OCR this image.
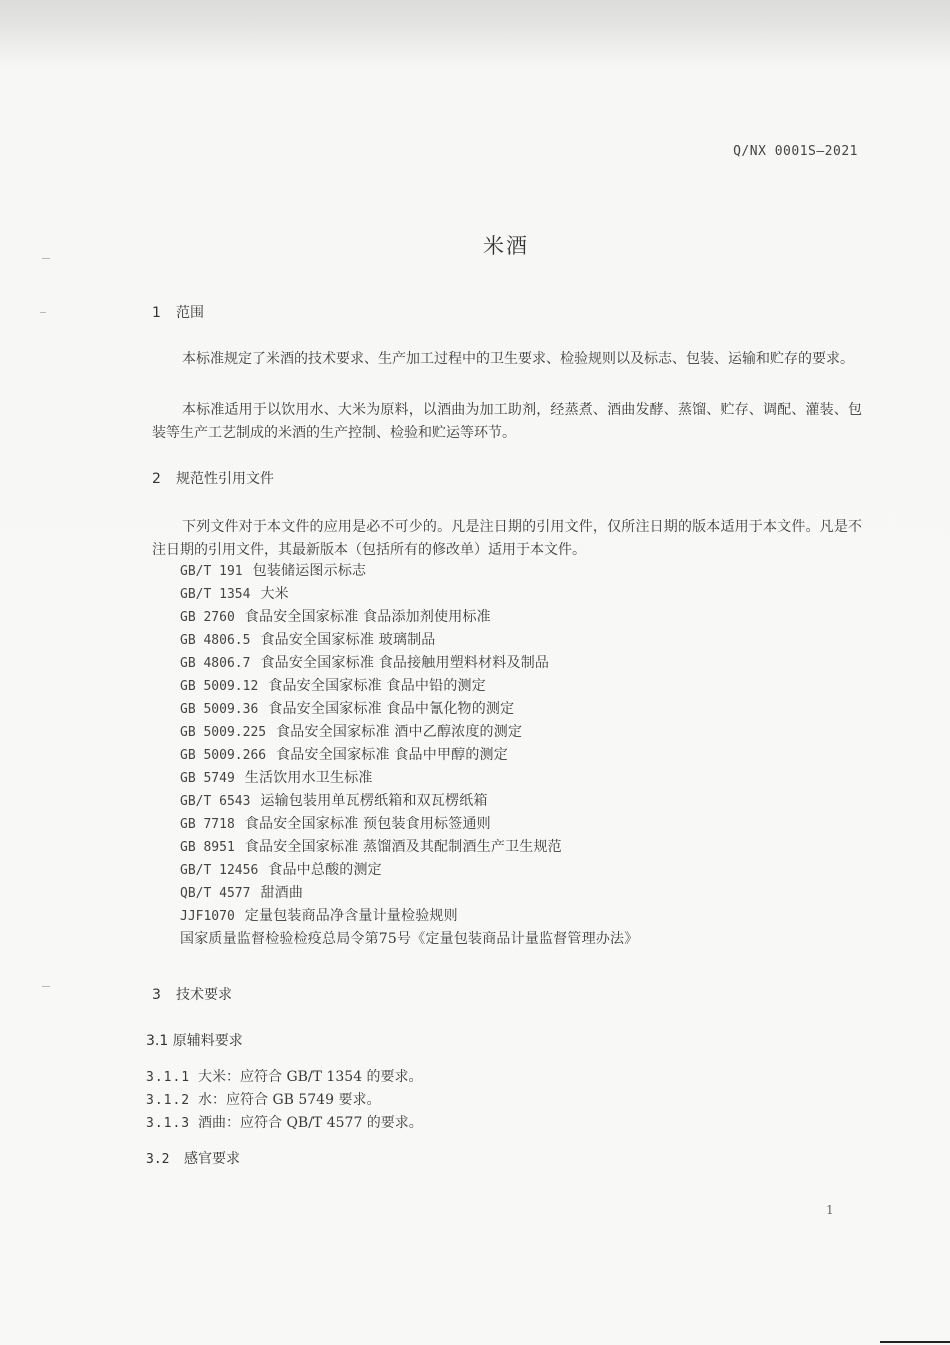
Q/NX 0001S—2021
米酒
1 范围

本标准规定了米酒的技术要求、生产加工过程中的卫生要求、检验规则以及标志、包装、运输和贮存的要求。

本标准适用于以饮用水、大米为原料，以酒曲为加工助剂，经蒸煮、酒曲发酵、蒸馏、贮存、调配、灌装、包装等生产工艺制成的米酒的生产控制、检验和贮运等环节。

2 规范性引用文件

下列文件对于本文件的应用是必不可少的。凡是注日期的引用文件，仅所注日期的版本适用于本文件。凡是不注日期的引用文件，其最新版本（包括所有的修改单）适用于本文件。

GB/T 191 包装储运图示标志
GB/T 1354 大米
GB 2760 食品安全国家标准 食品添加剂使用标准
GB 4806.5 食品安全国家标准 玻璃制品
GB 4806.7 食品安全国家标准 食品接触用塑料材料及制品
GB 5009.12 食品安全国家标准 食品中铅的测定
GB 5009.36 食品安全国家标准 食品中氰化物的测定
GB 5009.225 食品安全国家标准 酒中乙醇浓度的测定
GB 5009.266 食品安全国家标准 食品中甲醇的测定
GB 5749 生活饮用水卫生标准
GB/T 6543 运输包装用单瓦楞纸箱和双瓦楞纸箱
GB 7718 食品安全国家标准 预包装食用标签通则
GB 8951 食品安全国家标准 蒸馏酒及其配制酒生产卫生规范
GB/T 12456 食品中总酸的测定
QB/T 4577 甜酒曲
JJF1070 定量包装商品净含量计量检验规则
国家质量监督检验检疫总局令第75号《定量包装商品计量监督管理办法》
3 技术要求
3.1 原辅料要求
3.1.1 大米：应符合 GB/T 1354 的要求。
3.1.2 水：应符合 GB 5749 要求。
3.1.3 酒曲：应符合 QB/T 4577 的要求。
3.2 感官要求
1
